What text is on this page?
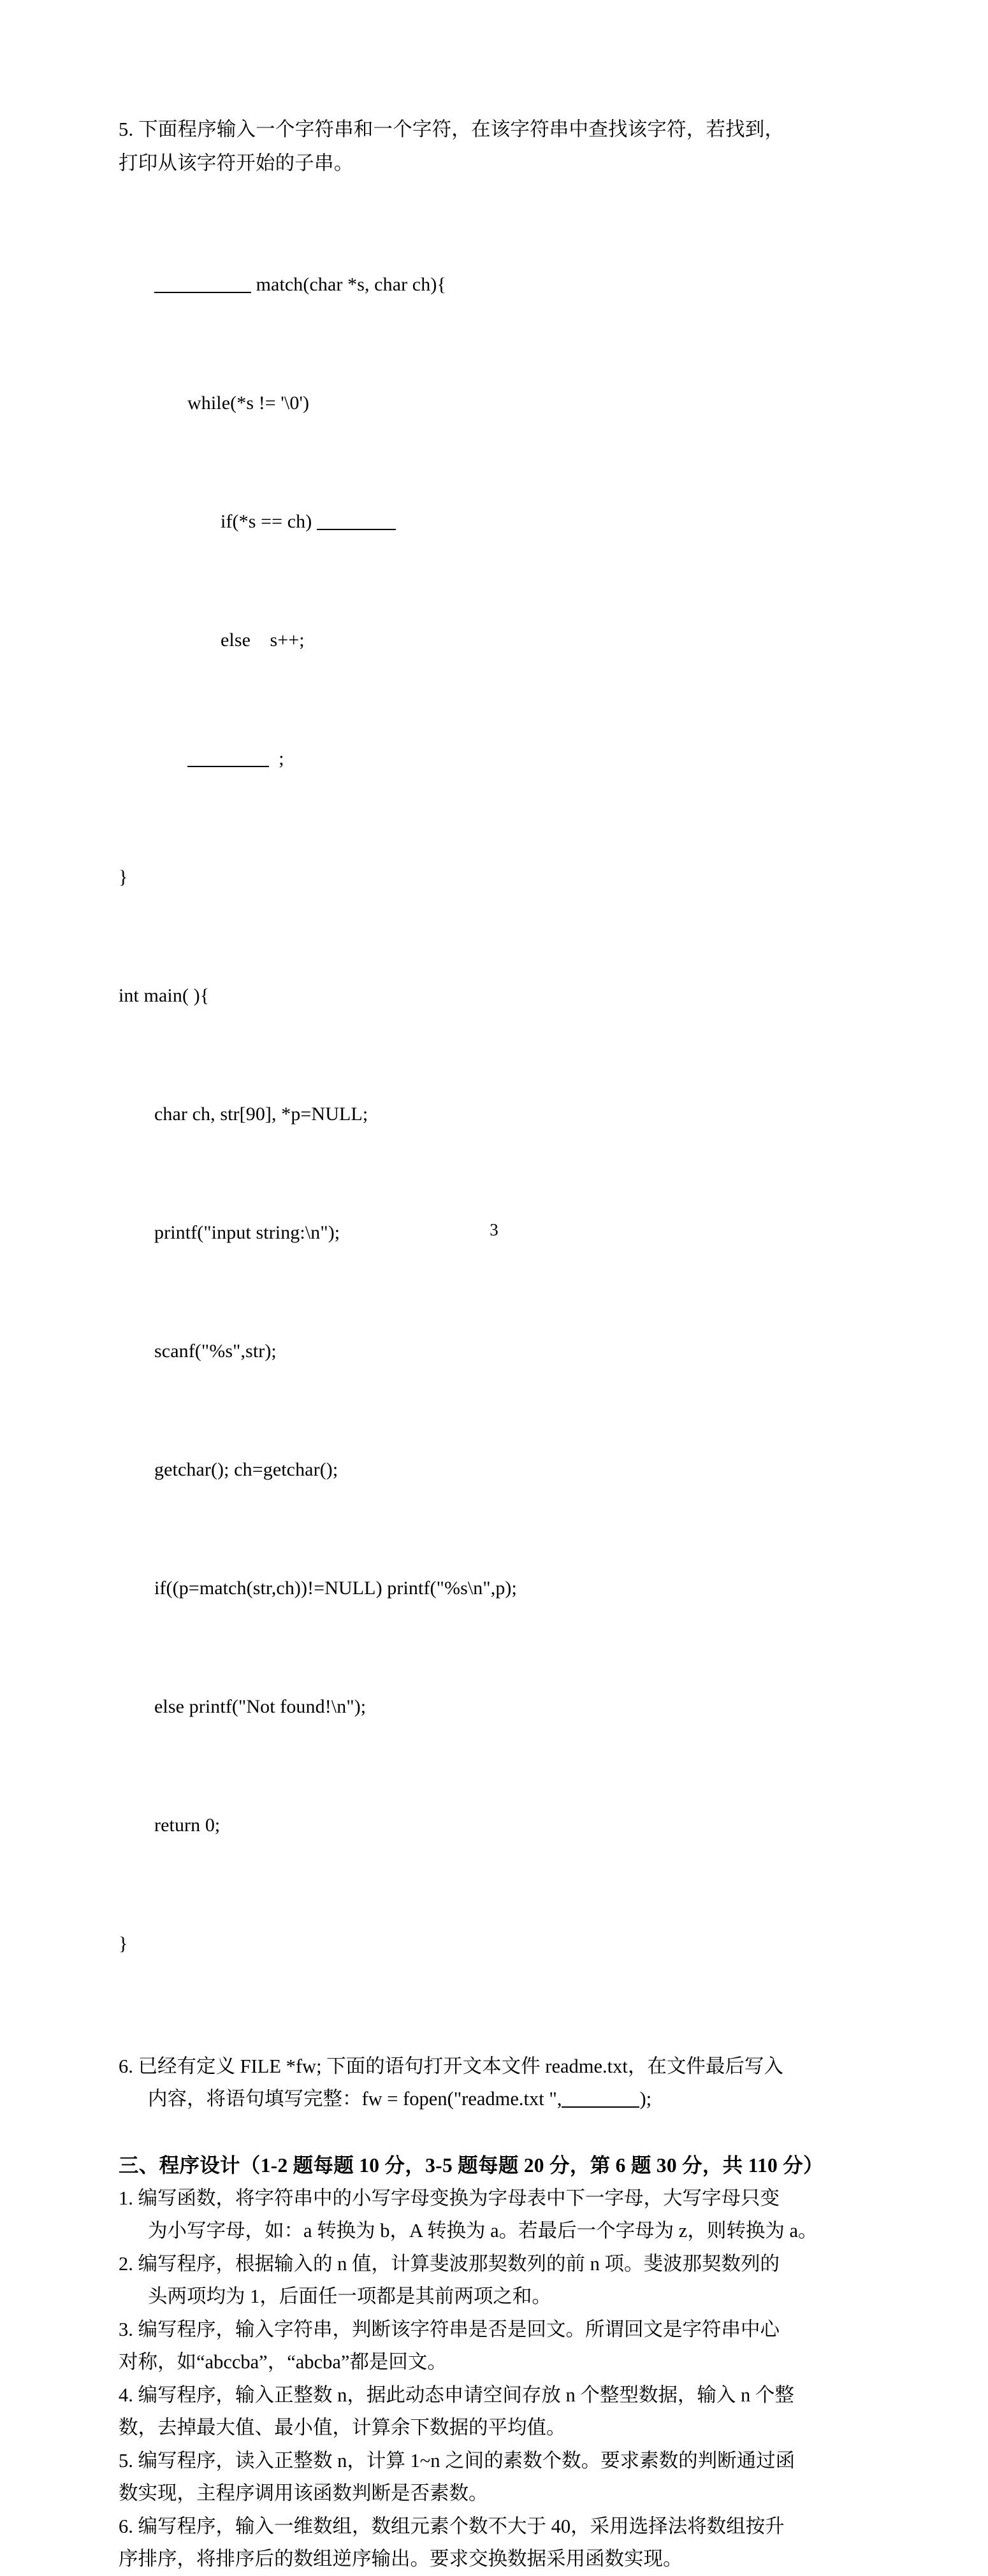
5. 下面程序输入一个字符串和一个字符，在该字符串中查找该字符，若找到，

打印从该字符开始的子串。

match(char *s, char ch){

while(*s != '\0')

if(*s == ch)

else    s++;

;

}

int main( ){

char ch, str[90], *p=NULL;

printf("input string:\n");

scanf("%s",str);

getchar(); ch=getchar();

if((p=match(str,ch))!=NULL) printf("%s\n",p);

else printf("Not found!\n");

return 0;

}

6. 已经有定义 FILE *fw; 下面的语句打开文本文件 readme.txt，在文件最后写入

内容，将语句填写完整：fw = fopen("readme.txt ",	);

三、程序设计（1-2 题每题 10 分，3-5 题每题 20 分，第 6 题 30 分，共 110 分）

1. 编写函数，将字符串中的小写字母变换为字母表中下一字母，大写字母只变

为小写字母，如：a 转换为 b，A 转换为 a。若最后一个字母为 z，则转换为 a。

2. 编写程序，根据输入的 n 值，计算斐波那契数列的前 n 项。斐波那契数列的

头两项均为 1，后面任一项都是其前两项之和。

3. 编写程序，输入字符串，判断该字符串是否是回文。所谓回文是字符串中心

对称，如“abccba”，“abcba”都是回文。

4. 编写程序，输入正整数 n，据此动态申请空间存放 n 个整型数据，输入 n 个整

数，去掉最大值、最小值，计算余下数据的平均值。

5. 编写程序，读入正整数 n，计算 1~n 之间的素数个数。要求素数的判断通过函

数实现，主程序调用该函数判断是否素数。

6. 编写程序，输入一维数组，数组元素个数不大于 40，采用选择法将数组按升

序排序，将排序后的数组逆序输出。要求交换数据采用函数实现。

3
